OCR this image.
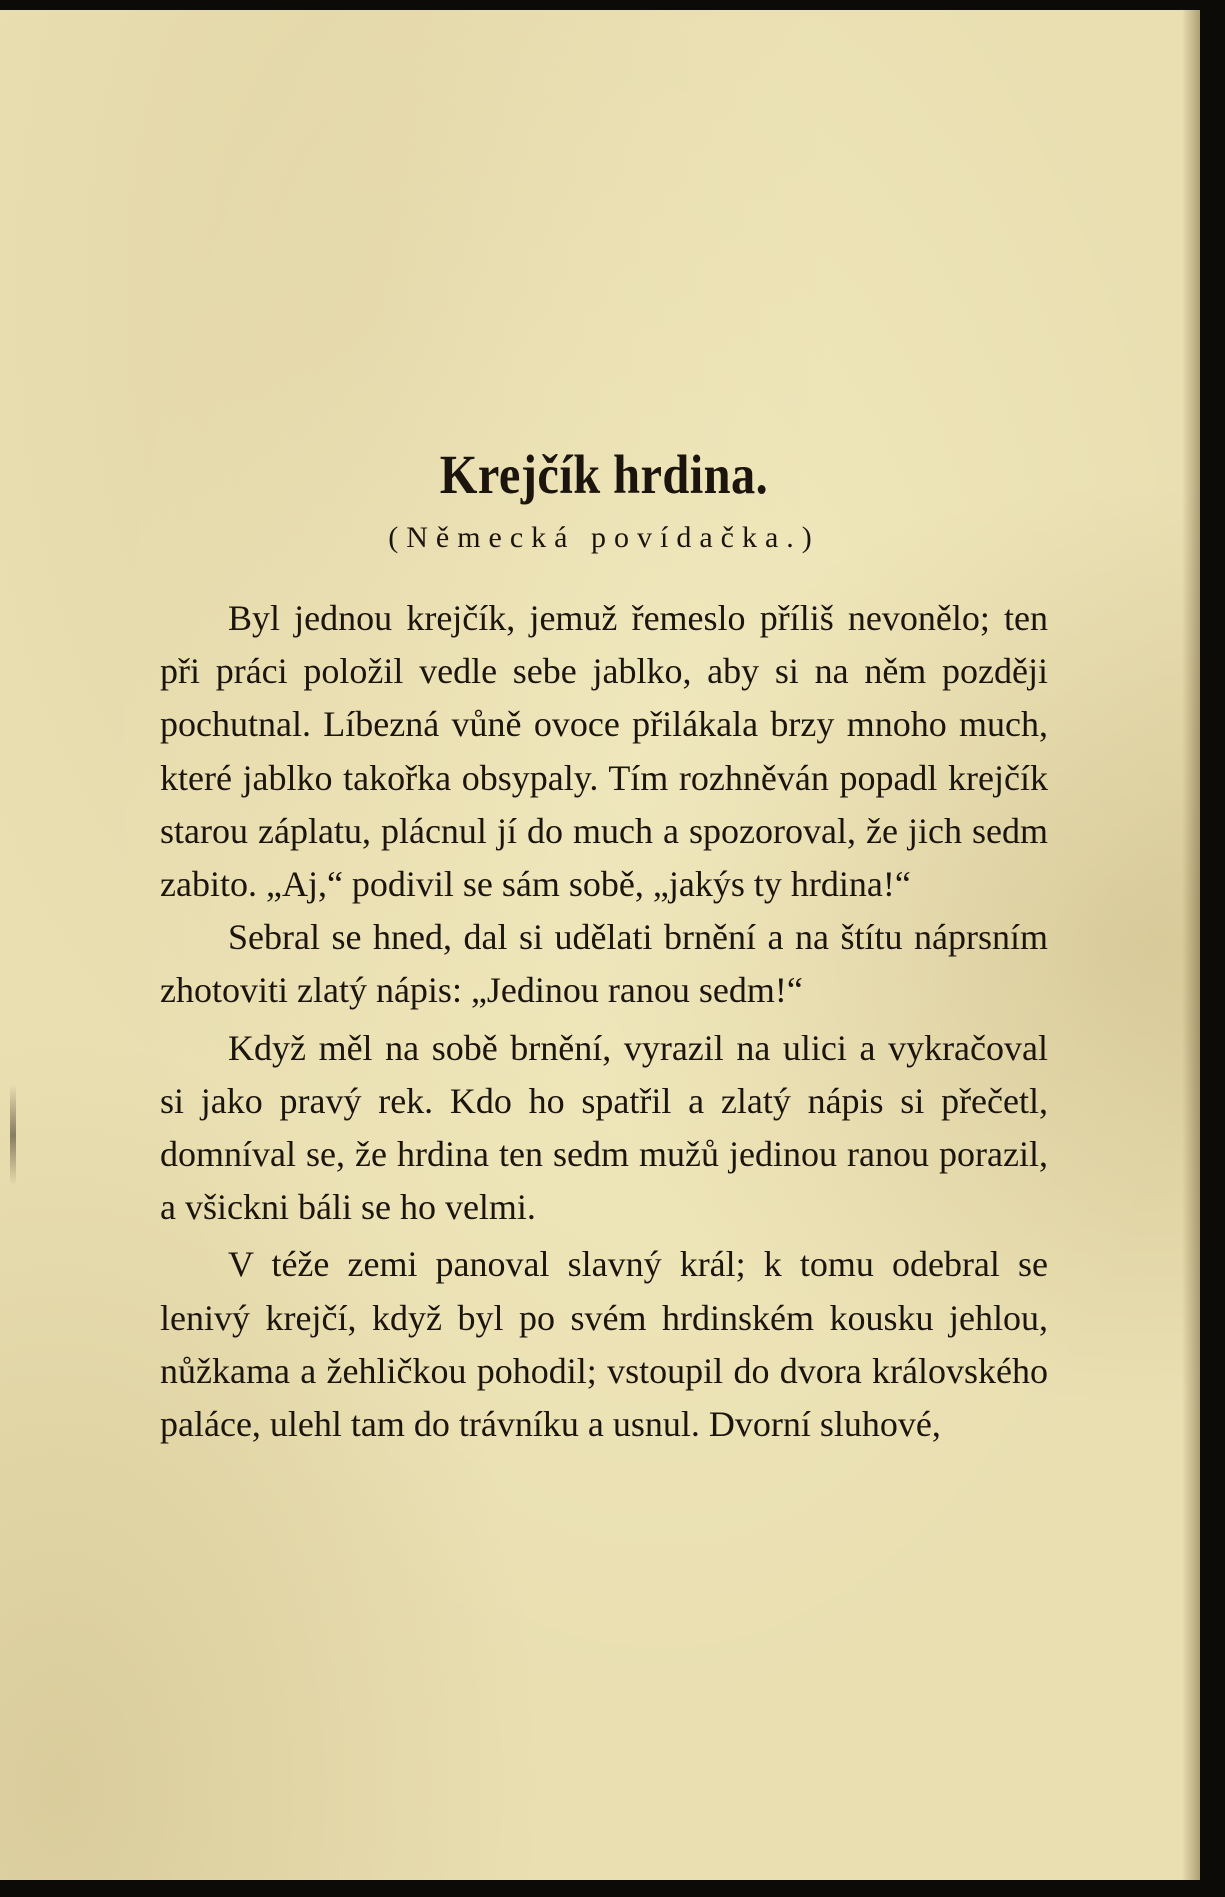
Krejčík hrdina.
(Německá povídačka.)

Byl jednou krejčík, jemuž řemeslo příliš nevonělo; ten při práci položil vedle sebe jablko, aby si na něm později pochutnal. Líbezná vůně ovoce přilákala brzy mnoho much, které jablko takořka obsypaly. Tím rozhněván popadl krejčík starou záplatu, plácnul jí do much a spozoroval, že jich sedm zabito. „Aj,“ podivil se sám sobě, „jakýs ty hrdina!“

Sebral se hned, dal si udělati brnění a na štítu náprsním zhotoviti zlatý nápis: „Jedinou ranou sedm!“

Když měl na sobě brnění, vyrazil na ulici a vykračoval si jako pravý rek. Kdo ho spatřil a zlatý nápis si přečetl, domníval se, že hrdina ten sedm mužů jedinou ranou porazil, a všickni báli se ho velmi.

V téže zemi panoval slavný král; k tomu odebral se lenivý krejčí, když byl po svém hrdinském kousku jehlou, nůžkama a žehličkou pohodil; vstoupil do dvora královského paláce, ulehl tam do trávníku a usnul. Dvorní sluhové,
